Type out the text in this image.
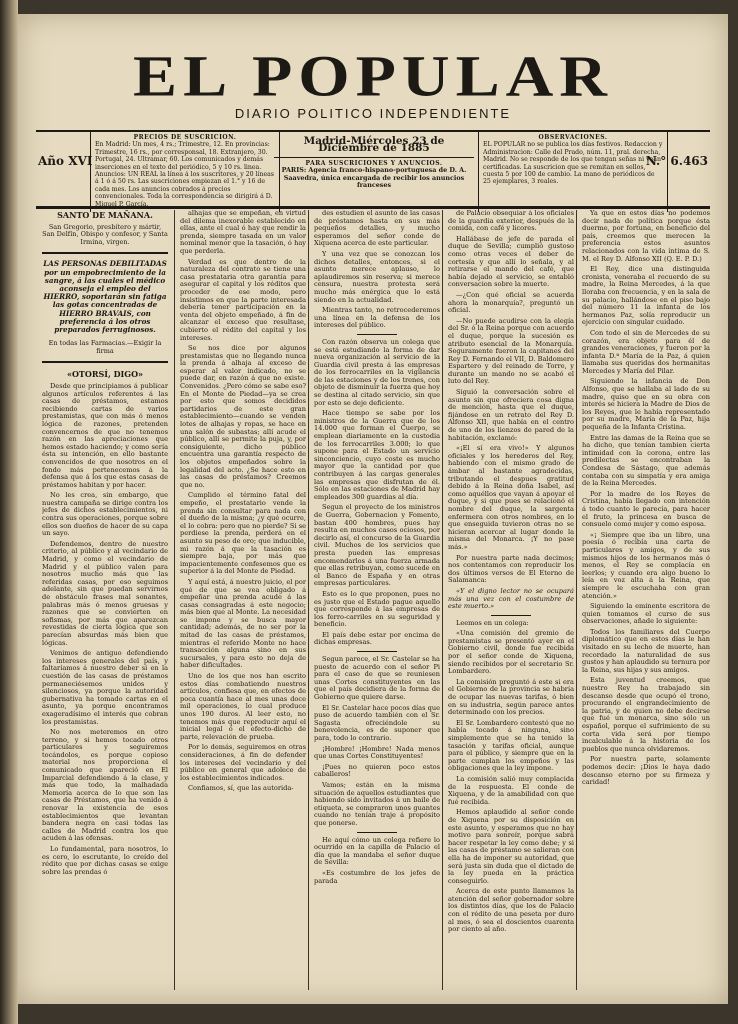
EL POPULAR
DIARIO POLITICO INDEPENDIENTE
Año XVI
PRECIOS DE SUSCRICION.
En Madrid: Un mes, 4 rs.; Trimestre, 12. En provincias: Trimestre, 16 rs., por corresponsal, 18. Extranjero, 30. Portugal, 24. Ultramar, 60. Los comunicados y demás inserciones en el texto del periódico, 5 y 10 rs. linea. Anuncios: UN REAL la línea á los suscritores, y 20 líneas á 1 ó á 50 rs. Las suscriciones empiezan el 1.° y 16 de cada mes. Los anuncios cobrados á precios convencionales. Toda la correspondencia se dirigirá á D. Miguel P. García.
Madrid-Miércoles 23 de Diciembre de 1885
PARA SUSCRICIONES Y ANUNCIOS.
PARIS: Agencia franco-hispano-portuguesa de D. A. Saavedra, única encargada de recibir los anuncios franceses
OBSERVACIONES.
EL POPULAR no se publica los días festivos. Redaccion y Administracion: Calle del Prado, núm. 11, pral. derecha, Madrid. No se responde de los que tengan señas ni vean certificadas. La suscricion que se remitan en sellos, cuesta 5 por 100 de cambio. La mano de periódicos de 25 ejemplares, 3 reales.
N.° 6.463
SANTO DE MAÑANA.
San Gregorio, presbítero y mártir, San Delfín, Obispo y confesor, y Santa Irmina, virgen.
LAS PERSONAS DEBILITADAS por un empobrecimiento de la sangre, á las cuales el médico aconseja el empleo del HIERRO, soportarán sin fatiga las gotas concentradas de HIERRO BRAVAIS, con preferencia á los otros preparados ferruginosos.
En todas las Farmacias.—Exigir la firma
«OTORSÍ, DIGO»

Desde que principiamos á publicar algunos artículos referentes á las casas de préstamos, estamos recibiendo cartas de varios prestamistas, que con más ó menos lógica de razones, pretenden convencernos de que no tenemos razón en las apreciaciones que hemos estado haciendo; y como sería ésta su intención, en ello bastante convencidos de que nosotros en el fondo más pertenecemos á la defensa que á los que estas casas de préstamos habitan y por hacer.

No les crea, sin embargo, que nuestra campaña se dirige contra los jefes de dichos establecimientos, ni contra sus operaciones, porque sobre ellos son dueños de hacer de su capa un sayo.

Defendemos, dentro de nuestro criterio, al público y al vecindario de Madrid, y como el vecindario de Madrid y el público valen para nosotros mucho más que las referidas casas, por eso seguimos adelante, sin que puedan servirnos de obstáculo frases mal sonantes, palabras más ó menos gruesas y razones que se convierten en sofismas, por más que aparezcan revestidas de cierta lógica que son parecían absurdas más bien que lógicas.

Venimos de antiguo defendiendo los intereses generales del país, y faltaríamos á nuestro deber si en la cuestión de las casas de préstamos permaneciésemos unidos y silenciosos, ya porque la autoridad gubernativa ha tomado cartas en el asunto, ya porque encontramos exageradísimo el interés que cobran los prestamistas.

No nos meteremos en otro terreno, y si hemos tocado otros particulares y seguiremos tocándolos, es porque copioso material nos proporciona el comunicado que apareció en El Imparcial defendiendo á la clase, y más que todo, la malhadada Memoria acerca de lo que son las casas de Préstamos, que ha venido á renovar la existencia de esos establecimientos que levantan bandera negra en casi todas las calles de Madrid contra los que acuden á las ofensas.

Lo fundamental, para nosotros, lo es cero, lo escrutante, lo creído del rédito que por dichas casas se exige sobre las prendas ó

alhajas que se empeñan, en virtud del dilema inexorable establecido en ellas, ante el cual ó hay que rendir la prenda, siempre tasada en un valor nominal menor que la tasación, ó hay que perderla.

Verdad es que dentro de la naturaleza del contrato se tiene una casa prestataria otra garantía para asegurar el capital y los réditos que proceder de ese modo, pero insistimos en que la parte interesada debería tener participación en la venta del objeto empeñado, á fin de alcanzar el exceso que resultase, cubierto el rédito del capital y los intereses.

Se nos dice por algunos prestamistas que no llegando nunca la prenda á alhaja al exceso de esperar al valor indicado, no se puede dar, en razón á que no existe. Convenidos. ¿Pero cómo se sabe eso? En el Monte de Piedad—ya se crea por esto que somos decididos partidarios de este gran establecimiento—cuando se venden lotes de alhajas y ropas, se hace en una salón de subastas; allí acude el público, allí se permite la puja, y, por consiguiente, dicho público encuentra una garantía respecto de los objetos empeñados sobre la legalidad del acto. ¿Se hace esto en las casas de préstamos? Creemos que no.

Cumplido el término fatal del empeño, el prestatario vende la prenda sin consultar para nada con el dueño de la misma; ¿y qué ocurre, el lo cobra: pero que no pierde? Si se perdiese la prenda, perderá en el asunto su peso de oro; que inducible, mi razón á que la tasación es siempre baja, por más que impacientemente confesemos que es superior á la del Monte de Piedad.

Y aquí está, á nuestro juicio, el por qué de que se vea obligado á empeñar una prenda acude á las casas consagradas á este negocio; más bien que al Monte. La necesidad se impone y se busca mayor cantidad; además, de no ser por la mitad de las casas de préstamos, mientras el referido Monte no hace transacción alguna sino en sus sucursales, y para esto no deja de haber dificultades.

Uno de los que nos han escrito estos días combatiendo nuestros artículos, confiesa que, en efectos de poca cuantía hace al mes unas doce mil operaciones, lo cual produce unos 190 duros. Al leer esto, no tenemos más que reproducir aquí el inicial legal ó el efecto-dicho de parte, relevación de prueba.

Por lo demás, seguiremos en otras consideraciones, á fin de defender los intereses del vecindario y del público en general que adolece de los establecimientos indicados.

Confiamos, sí, que las autorida-

des estudien el asunto de las casas de préstamos hasta en sus más pequeños detalles, y mucho esperamos del señor conde de Xiquena acerca de este particular.

Y una vez que se conozcan los dichos detalles, entonces, si el asunto merece aplauso, lo aplaudiremos sin reserva; si merece censura, nuestra protesta será mucho más enérgica que lo está siendo en la actualidad.

Mientras tanto, no retrocederemos una línea en la defensa de los intereses del público.

Con razón observa un colega que se está estudiando la forma de dar nueva organización al servicio de la Guardia civil presta á las empresas de los ferrocarriles en la vigilancia de las estaciones y de los trenes, con objeto de disminuir la fuerza que hoy se destina al citado servicio, sin que por esto se deje deficiente.

Hace tiempo se sabe por los ministros de la Guerra que de los 14.000 que forman el Cuerpo, se emplean diariamente en la custodia de los ferrocarriles 3.000; lo que supone para el Estado un servicio sinconciencio, cuyo coste es mucho mayor que la cantidad por que contribuyen á las cargas generales las empresas que disfrutan de él. Sólo en las estaciones de Madrid hay empleados 300 guardias al día.

Segun el proyecto de los ministros de Guerra, Gobernacion y Fomento, bastan 400 hombres, pues hay resulta en muchos casos ociosos, por decirlo así, el concurso de la Guardia civil. Muchos de los servicios que presta pueden las empresas encomendarlos á una fuerza armada que ellas retribuyan, como sucede en el Banco de España y en otras empresas particulares.

Esto es lo que proponen, pues no es justo que el Estado pague aquello que corresponde á las empresas de los ferro-carriles en su seguridad y beneficio.

El país debe estar por encima de dichas empresas.

Segun parece, el Sr. Castelar se ha puesto de acuerdo con el señor Pi para el caso de que se reuniesen unas Cortes constituyentes en las que el país decidiera de la forma de Gobierno que quiere darse.

El Sr. Castelar hace pocos días que puso de acuerdo también con el Sr. Sagasta ofreciéndole su benevolencia, es de suponer que para, todo lo contrario.

¡Hombre! ¡Hombre! Nada menos que unas Cortes Constituyentes!

¡Pues no quieren poco estos caballeros!

Vamos; están en la misma situación de aquellos estudiantes que habiendo sido invitados á un baile de etiqueta, se compraron unos guantes cuando no tenían traje á propósito que ponerse.

He aquí cómo un colega refiere lo ocurrido en la capilla de Palacio el día que la mandaba el señor duque de Sevilla:

«Es costumbre de los jefes de parada

de Palacio obsequiar á los oficiales de la guardia exterior, después de la comida, con café y licores.

Hallábase de jefe de parada el duque de Sevilla; cumplió gustoso como otras veces el deber de cortesía y que allí lo señala, y al retirarse el mando del café, que había dejado el servicio, se entabló conversacion sobre la muerte.

—¿Con qué oficial se acuerda ahora la monarquía?, preguntó un oficial.

—No puede acudirse con la elegía del Sr. ó la Reina porque con acuerdo el duque, porque la sucesión es atributo esencial de la Monarquía. Seguramente fueron la capitanes del Rey D. Fernando el VII, D. Baldomero Espartero y del reinado de Torre, y durante un mando no se acabó el luto del Rey.

Siguió la conversación sobre el asunto sin que ofreciera cosa digna de mención, hasta que el duque, fijándose en un retrato del Rey D. Alfonso XII, que había en el centro de uno de los lienzos de pared de la habitación, exclamó:

«¡El sí era vivo!» Y algunos oficiales y los herederos del Rey, habiendo con el mismo grado de ámbar al bastante agradecidas, tributando el despues gratitud debido á la Reina doña Isabel, así como aquéllos que vayan á apoyar el duque, y si que pues se relacionó el nombre del duque, la sargenta enfermera con otros nombres, en lo que enseguida tuvieron otras no se hicieran acercar al lugar donde la misma del Monarca. ¡Y no pase más.»

Por nuestra parte nada decimos; nos contentamos con reproducir los dos últimos versos de El Eterno de Salamanca:

«Y el digno lector no se ocupará más una vez con el costumbre de este muerto.»

Leemos en un colega:

«Una comisión del gremio de prestamistas se presentó ayer en el Gobierno civil, donde fue recibida por el señor conde de Xiquena, siendo recibidos por el secretario Sr. Lombardero.

La comisión preguntó á este si era el Gobierno de la provincia se habría de ocupar las nuevas tarifas, ó bien en su industria, según parece antes determinado con los precios.

El Sr. Lombardero contestó que no había tocado á ninguna, sino simplemente que se ha tenido la tasación y tarifas oficial, aunque para el público, y siempre que en la parte cumplan los empeños y las obligaciones que la ley impone.

La comisión salió muy complacida de la respuesta. El conde de Xiquena, y de la amabilidad con que fué recibida.

Hemos aplaudido al señor conde de Xiquena por su disposición en este asunto, y esperamos que no hay motivo para sonreír, porque sabrá hacer respetar la ley como debe; y si las casas de préstamo se salieran con ella ha de imponer su autoridad, que será justa sin duda que el dictado de la ley pueda en la práctica conseguirlo.

Acerca de este punto llamamos la atención del señor gobernador sobre los distintos días, que los de Palacio con el rédito de una peseta por duro al mes, ó sea el doscientos cuarenta por ciento al año.

Ya que en estos días no podemos decir nada de política porque ésta duerme, por fortuna, en beneficio del país, creemos que merecen la preferencia estos asuntos relacionados con la vida íntima de S. M. el Rey D. Alfonso XII (Q. E. P. D.)

El Rey, dice una distinguida cronista, veneraba el recuerdo de su madre, la Reina Mercedes, á la que lloraba con frecuencia, y en la sala de su palacio, hallándose en el piso bajo del número 11 la infanta de los hermanos Paz, solía reproducir un ejercicio con singular cuidado.

Con todo el sin de Mercedes de su corazón, era objeto para él de grandes veneraciones, y fueron por la infanta D.ª María de la Paz, á quien llamaba sus queridas dos hermanitas Mercedes y María del Pilar.

Siguiendo la infancia de Don Alfonso, que se hallaba al lado de su madre, quiso que en su obra con interés se hiciera la Madre de Dios de los Reyes, que le había representado por su madre, María de la Paz, hija pequeña de la Infanta Cristina.

Entre las damas de la Reina que se ha dicho, que tenían tambien cierta intimidad con la corona, entre las predilectas se encontraban la Condesa de Sástago, que además contaba con su simpatía y era amiga de la Reina Mercedes.

Por la madre de los Reyes de Cristina, había llegado con intención á todo cuanto le parecía, para hacer el fruto, la princesa en busca de consuelo como mujer y como esposa.

«¡ Siempre que iba un libro, una poesía ó recibía una carta de particulares y amigos, y de sus mismos hijos de los hermanos más ó menos, el Rey se complacía en leerlos; y cuando era algo bueno lo leía en voz alta á la Reina, que siempre le escuchaba con gran atención.»

Siguiendo la eminente escritora de quien tomamos el curso de sus observaciones, añade lo siguiente:

Todos los familiares del Cuerpo diplomático que en estos días le han visitado en su lecho de muerte, han recordado la naturalidad de sus gustos y han aplaudido su ternura por la Reina, sus hijas y sus amigos.

Esta juventud creemos, que nuestro Rey ha trabajado sin descanso desde que ocupó el trono, procurando el engrandecimiento de la patria, y de quien no debe decirse que fué un monarca, sino sólo un español, porque el sufrimiento de su corta vida será por tiempo incalculable á la historia de los pueblos que nunca olvidaremos.

Por nuestra parte, solamente podemos decir: ¡Dios le haya dado descanso eterno por su firmeza y caridad!
